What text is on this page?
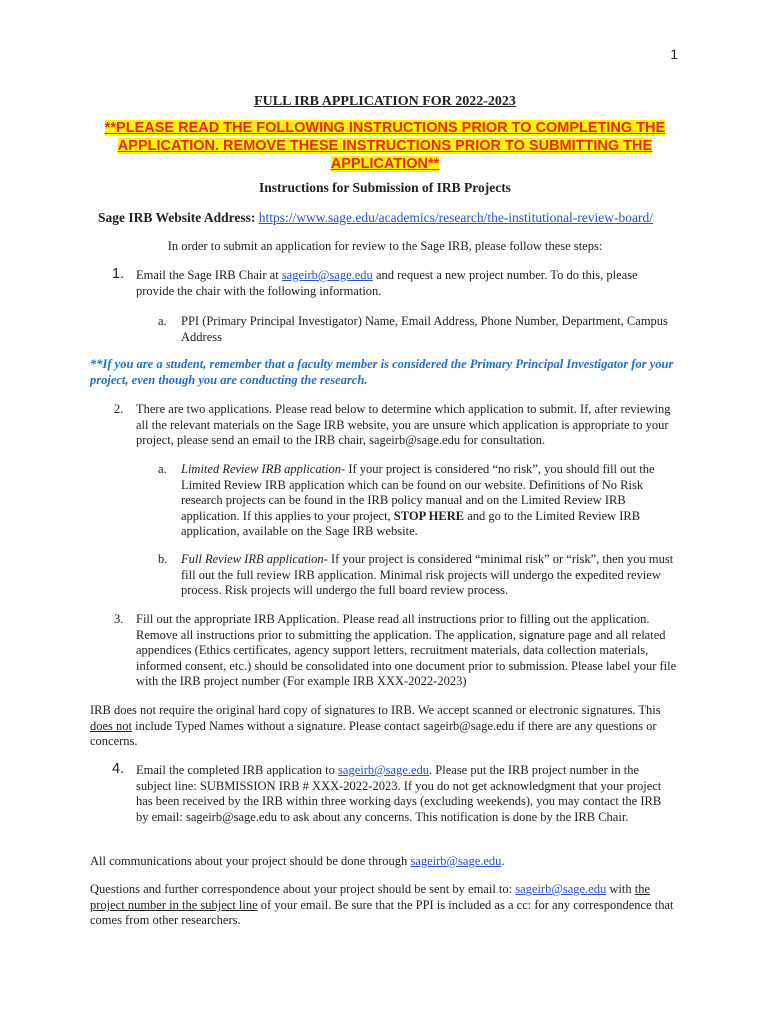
1
FULL IRB APPLICATION FOR 2022-2023
**PLEASE READ THE FOLLOWING INSTRUCTIONS PRIOR TO COMPLETING THE APPLICATION. REMOVE THESE INSTRUCTIONS PRIOR TO SUBMITTING THE APPLICATION**
Instructions for Submission of IRB Projects
Sage IRB Website Address: https://www.sage.edu/academics/research/the-institutional-review-board/
In order to submit an application for review to the Sage IRB, please follow these steps:
1. Email the Sage IRB Chair at sageirb@sage.edu and request a new project number. To do this, please provide the chair with the following information.
a. PPI (Primary Principal Investigator) Name, Email Address, Phone Number, Department, Campus Address
**If you are a student, remember that a faculty member is considered the Primary Principal Investigator for your project, even though you are conducting the research.
2. There are two applications. Please read below to determine which application to submit. If, after reviewing all the relevant materials on the Sage IRB website, you are unsure which application is appropriate to your project, please send an email to the IRB chair, sageirb@sage.edu for consultation.
a. Limited Review IRB application- If your project is considered “no risk”, you should fill out the Limited Review IRB application which can be found on our website. Definitions of No Risk research projects can be found in the IRB policy manual and on the Limited Review IRB application. If this applies to your project, STOP HERE and go to the Limited Review IRB application, available on the Sage IRB website.
b. Full Review IRB application- If your project is considered “minimal risk” or “risk”, then you must fill out the full review IRB application. Minimal risk projects will undergo the expedited review process. Risk projects will undergo the full board review process.
3. Fill out the appropriate IRB Application. Please read all instructions prior to filling out the application. Remove all instructions prior to submitting the application. The application, signature page and all related appendices (Ethics certificates, agency support letters, recruitment materials, data collection materials, informed consent, etc.) should be consolidated into one document prior to submission. Please label your file with the IRB project number (For example IRB XXX-2022-2023)
IRB does not require the original hard copy of signatures to IRB. We accept scanned or electronic signatures. This does not include Typed Names without a signature. Please contact sageirb@sage.edu if there are any questions or concerns.
4. Email the completed IRB application to sageirb@sage.edu. Please put the IRB project number in the subject line: SUBMISSION IRB # XXX-2022-2023. If you do not get acknowledgment that your project has been received by the IRB within three working days (excluding weekends), you may contact the IRB by email: sageirb@sage.edu to ask about any concerns. This notification is done by the IRB Chair.
All communications about your project should be done through sageirb@sage.edu.
Questions and further correspondence about your project should be sent by email to: sageirb@sage.edu with the project number in the subject line of your email. Be sure that the PPI is included as a cc: for any correspondence that comes from other researchers.
